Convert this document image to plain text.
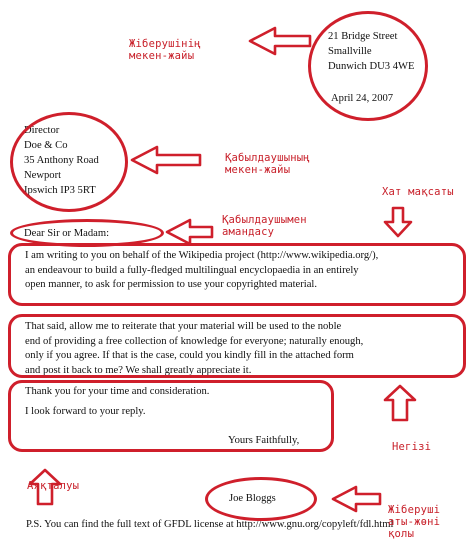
21 Bridge Street
Smallville
Dunwich DU3 4WE
April 24, 2007
Director
Doe & Co
35 Anthony Road
Newport
Ipswich IP3 5RT
Dear Sir or Madam:
I am writing to you on behalf of the Wikipedia project (http://www.wikipedia.org/),
an endeavour to build a fully-fledged multilingual encyclopaedia in an entirely
open manner, to ask for permission to use your copyrighted material.
That said, allow me to reiterate that your material will be used to the noble
end of providing a free collection of knowledge for everyone; naturally enough,
only if you agree. If that is the case, could you kindly fill in the attached form
and post it back to me? We shall greatly appreciate it.
Thank you for your time and consideration.
I look forward to your reply.
Yours Faithfully,
Joe Bloggs
P.S. You can find the full text of GFDL license at http://www.gnu.org/copyleft/fdl.html
Жіберушінің
мекен-жайы
Қабылдаушының
мекен-жайы
Хат мақсаты
Қабылдаушымен
амандасу
Негізі
Аяқталуы
Жіберуші
аты-жөні
қолы
